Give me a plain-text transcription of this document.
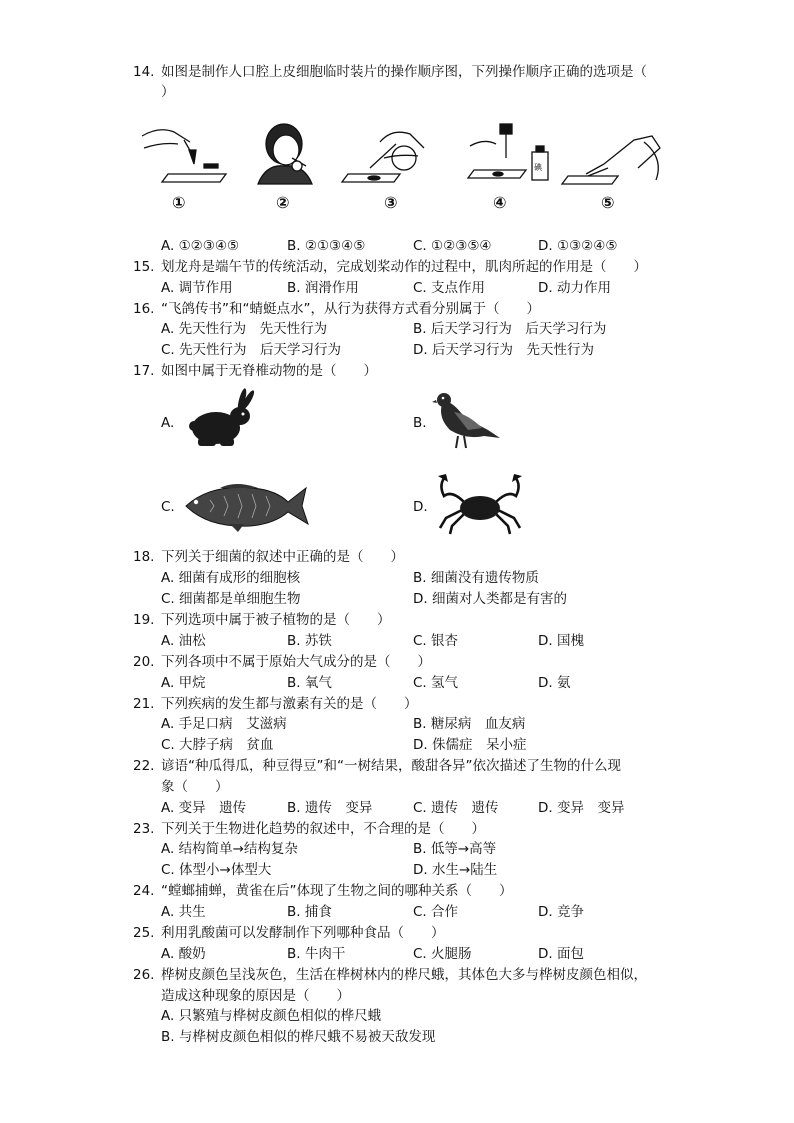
14. 如图是制作人口腔上皮细胞临时装片的操作顺序图，下列操作顺序正确的选项是（
）
碘
①	②	③	④	⑤
A. ①②③④⑤	B. ②①③④⑤	C. ①②③⑤④	D. ①③②④⑤
15. 划龙舟是端午节的传统活动，完成划桨动作的过程中，肌肉所起的作用是（　　）
A. 调节作用	B. 润滑作用	C. 支点作用	D. 动力作用
16. “飞鸽传书”和“蜻蜓点水”，从行为获得方式看分别属于（　　）
A. 先天性行为　先天性行为	B. 后天学习行为　后天学习行为
C. 先天性行为　后天学习行为	D. 后天学习行为　先天性行为
17. 如图中属于无脊椎动物的是（　　）
A.	B.
C.	D.
18. 下列关于细菌的叙述中正确的是（　　）
A. 细菌有成形的细胞核	B. 细菌没有遗传物质
C. 细菌都是单细胞生物	D. 细菌对人类都是有害的
19. 下列选项中属于被子植物的是（　　）
A. 油松	B. 苏铁	C. 银杏	D. 国槐
20. 下列各项中不属于原始大气成分的是（　　）
A. 甲烷	B. 氧气	C. 氢气	D. 氨
21. 下列疾病的发生都与激素有关的是（　　）
A. 手足口病　艾滋病	B. 糖尿病　血友病
C. 大脖子病　贫血	D. 侏儒症　呆小症
22. 谚语“种瓜得瓜，种豆得豆”和“一树结果，酸甜各异”依次描述了生物的什么现
象（　　）
A. 变异　遗传	B. 遗传　变异	C. 遗传　遗传	D. 变异　变异
23. 下列关于生物进化趋势的叙述中，不合理的是（　　）
A. 结构简单→结构复杂	B. 低等→高等
C. 体型小→体型大	D. 水生→陆生
24. “螳螂捕蝉，黄雀在后”体现了生物之间的哪种关系（　　）
A. 共生	B. 捕食	C. 合作	D. 竞争
25. 利用乳酸菌可以发酵制作下列哪种食品（　　）
A. 酸奶	B. 牛肉干	C. 火腿肠	D. 面包
26. 桦树皮颜色呈浅灰色，生活在桦树林内的桦尺蛾，其体色大多与桦树皮颜色相似，
造成这种现象的原因是（　　）
A. 只繁殖与桦树皮颜色相似的桦尺蛾
B. 与桦树皮颜色相似的桦尺蛾不易被天敌发现
